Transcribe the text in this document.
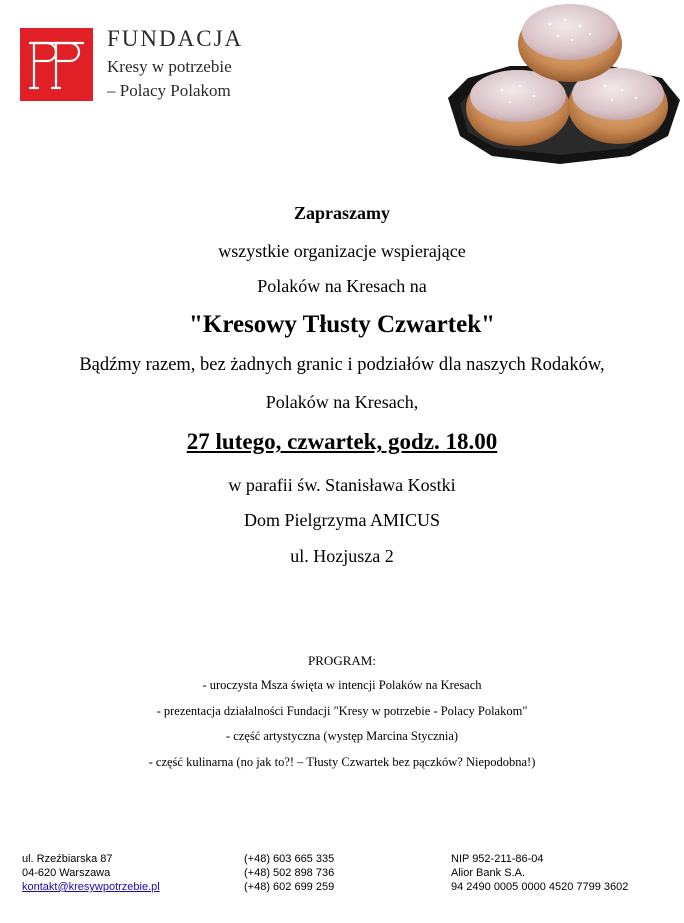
FUNDACJA
Kresy w potrzebie
– Polacy Polakom
Zapraszamy
wszystkie organizacje wspierające
Polaków na Kresach na
"Kresowy Tłusty Czwartek"
Bądźmy razem, bez żadnych granic i podziałów dla naszych Rodaków,
Polaków na Kresach,
27 lutego, czwartek, godz. 18.00
w parafii św. Stanisława Kostki
Dom Pielgrzyma AMICUS
ul. Hozjusza 2
PROGRAM:
- uroczysta Msza święta w intencji Polaków na Kresach
- prezentacja działalności Fundacji "Kresy w potrzebie - Polacy Polakom"
- część artystyczna (występ Marcina Stycznia)
- część kulinarna (no jak to?! – Tłusty Czwartek bez pączków? Niepodobna!)
ul. Rzeźbiarska 87
04-620 Warszawa
kontakt@kresywpotrzebie.pl
(+48) 603 665 335
(+48) 502 898 736
(+48) 602 699 259
NIP 952-211-86-04
Alior Bank S.A.
94 2490 0005 0000 4520 7799 3602
